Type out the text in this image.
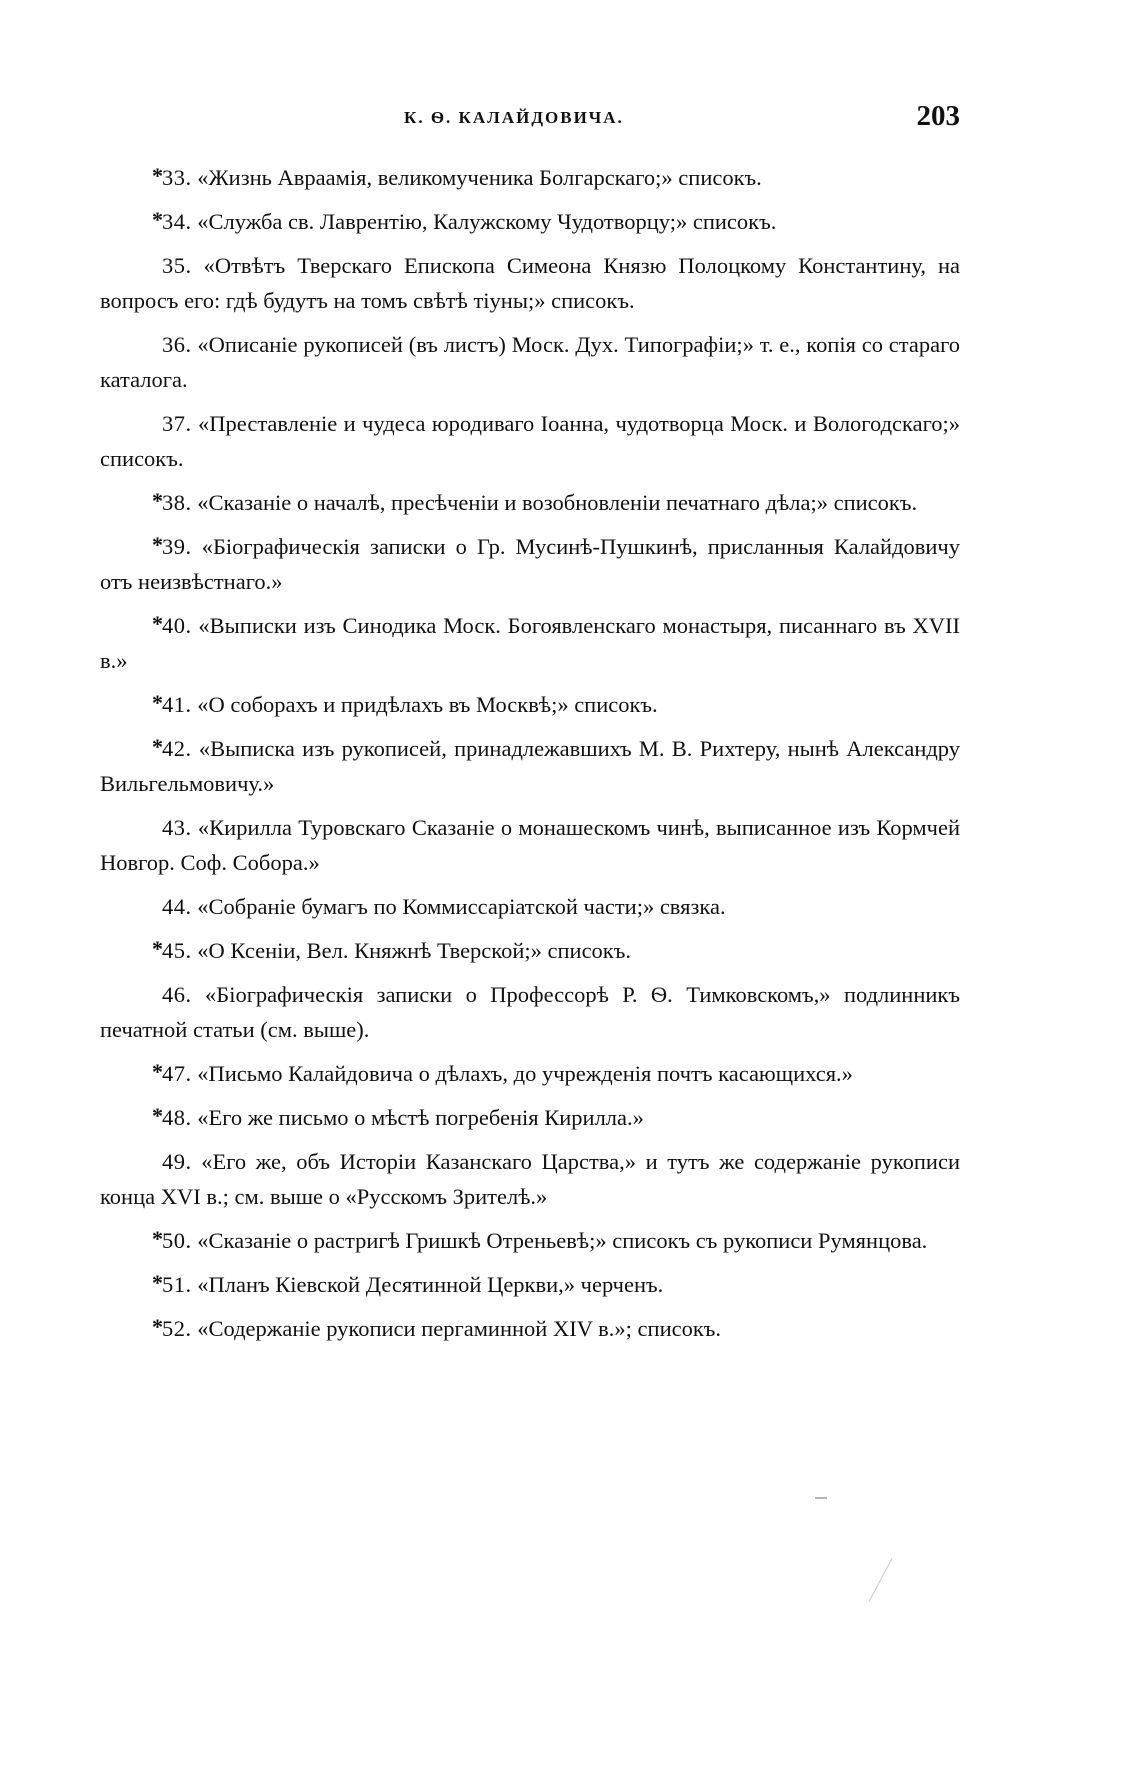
К. Ѳ. КАЛАЙДОВИЧА.	203

* 33. «Жизнь Авраамія, великомученика Болгарскаго;» списокъ.

* 34. «Служба св. Лаврентію, Калужскому Чудотворцу;» списокъ.

35. «Отвѣтъ Тверскаго Епископа Симеона Князю Полоцкому Константину, на вопросъ его: гдѣ будутъ на томъ свѣтѣ тіуны;» списокъ.

36. «Описаніе рукописей (въ листъ) Моск. Дух. Типографіи;» т. е., копія со стараго каталога.

37. «Преставленіе и чудеса юродиваго Іоанна, чудотворца Моск. и Вологодскаго;» списокъ.

* 38. «Сказаніе о началѣ, пресѣченіи и возобновленіи печатнаго дѣла;» списокъ.

* 39. «Біографическія записки о Гр. Мусинѣ-Пушкинѣ, присланныя Калайдовичу отъ неизвѣстнаго.»

* 40. «Выписки изъ Синодика Моск. Богоявленскаго монастыря, писаннаго въ XVII в.»

* 41. «О соборахъ и придѣлахъ въ Москвѣ;» списокъ.

* 42. «Выписка изъ рукописей, принадлежавшихъ М. В. Рихтеру, нынѣ Александру Вильгельмовичу.»

43. «Кирилла Туровскаго Сказаніе о монашескомъ чинѣ, выписанное изъ Кормчей Новгор. Соф. Собора.»

44. «Собраніе бумагъ по Коммиссаріатской части;» связка.

* 45. «О Ксеніи, Вел. Княжнѣ Тверской;» списокъ.

46. «Біографическія записки о Профессорѣ Р. Ѳ. Тимковскомъ,» подлинникъ печатной статьи (см. выше).

* 47. «Письмо Калайдовича о дѣлахъ, до учрежденія почтъ касающихся.»

* 48. «Его же письмо о мѣстѣ погребенія Кирилла.»

49. «Его же, объ Исторіи Казанскаго Царства,» и тутъ же содержаніе рукописи конца XVI в.; см. выше о «Русскомъ Зрителѣ.»

* 50. «Сказаніе о растригѣ Гришкѣ Отреньевѣ;» списокъ съ рукописи Румянцова.

* 51. «Планъ Кіевской Десятинной Церкви,» черченъ.

* 52. «Содержаніе рукописи пергаминной XIV в.»; списокъ.
